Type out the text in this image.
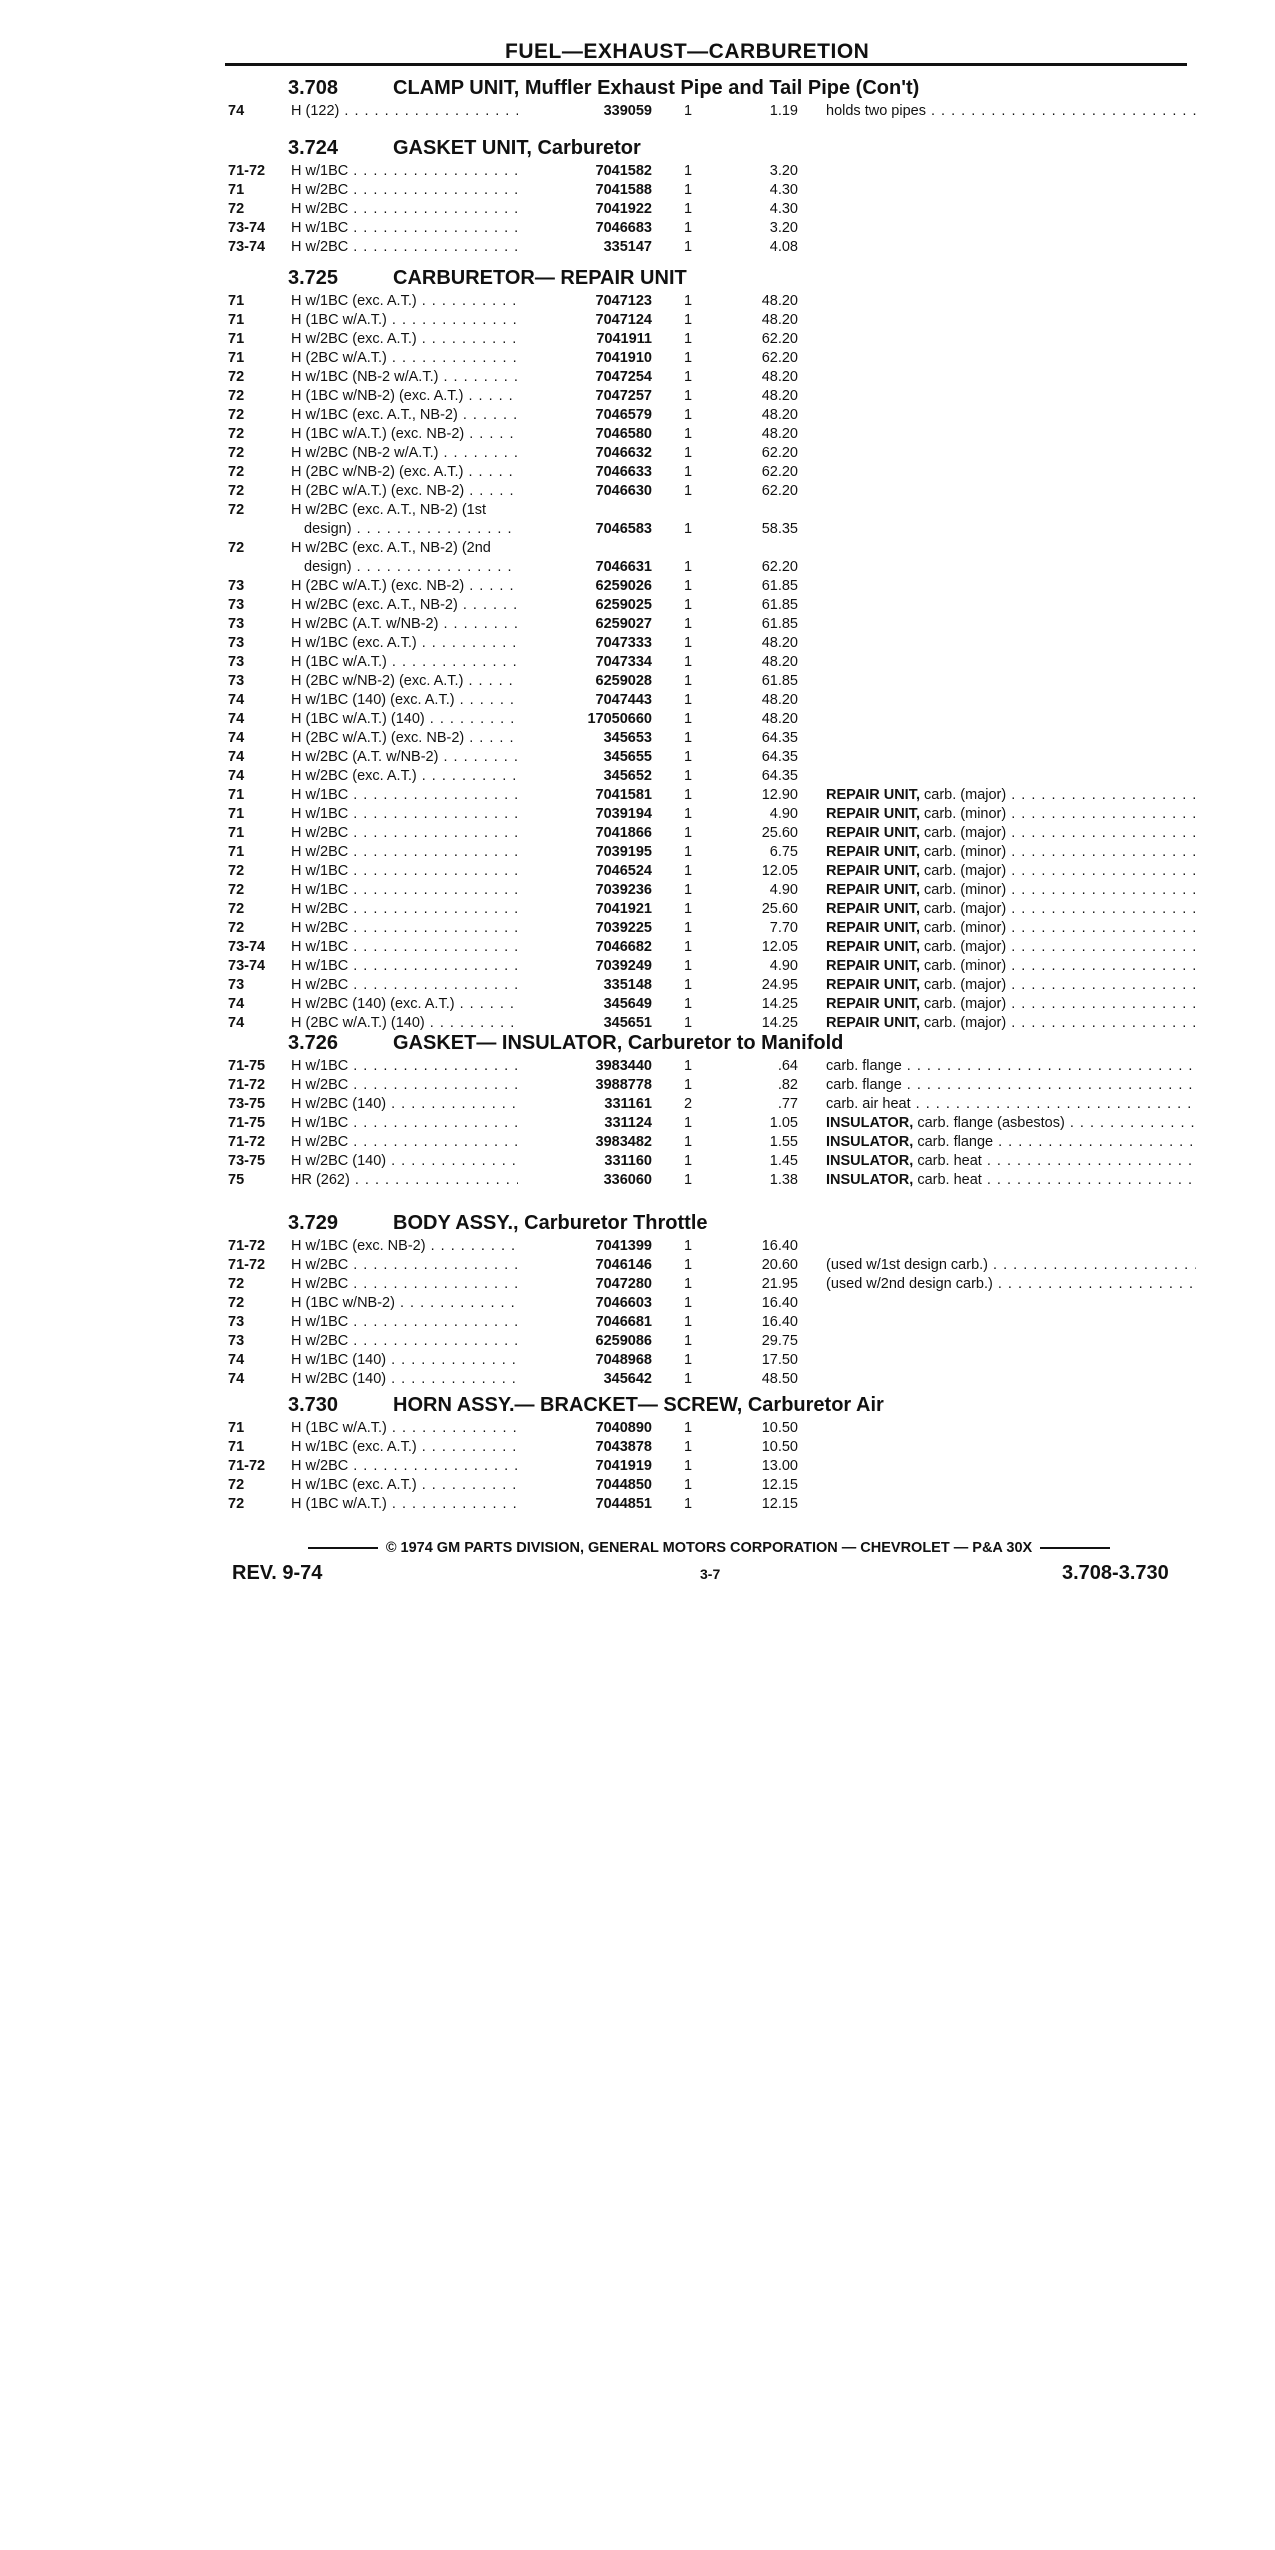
FUEL—EXHAUST—CARBURETION
3.708	CLAMP UNIT, Muffler Exhaust Pipe and Tail Pipe (Con't)
74	H (122) . . .	339059	1	1.19 holds two pipes . . .
3.724	GASKET UNIT, Carburetor
71-72 H w/1BC . . .	7041582	1	3.20
71	H w/2BC . . .	7041588	1	4.30
72	H w/2BC . . .	7041922	1	4.30
73-74 H w/1BC . . .	7046683	1	3.20
73-74 H w/2BC . . .	335147	1	4.08
3.725	CARBURETOR— REPAIR UNIT
71	H w/1BC (exc. A.T.) . . .	7047123	1	48.20
71	H (1BC w/A.T.) . . .	7047124	1	48.20
71	H w/2BC (exc. A.T.) . . .	7041911	1	62.20
71	H (2BC w/A.T.) . . .	7041910	1	62.20
72	H w/1BC (NB-2 w/A.T.) . . .	7047254	1	48.20
72	H (1BC w/NB-2) (exc. A.T.) . . .	7047257	1	48.20
72	H w/1BC (exc. A.T., NB-2) . . .	7046579	1	48.20
72	H (1BC w/A.T.) (exc. NB-2) . . .	7046580	1	48.20
72	H w/2BC (NB-2 w/A.T.) . . .	7046632	1	62.20
72	H (2BC w/NB-2) (exc. A.T.) . . .	7046633	1	62.20
72	H (2BC w/A.T.) (exc. NB-2) . . .	7046630	1	62.20
72	H w/2BC (exc. A.T., NB-2) (1st
design) . . .	7046583	1	58.35
72	H w/2BC (exc. A.T., NB-2) (2nd
design) . . .	7046631	1	62.20
73	H (2BC w/A.T.) (exc. NB-2) . . .	6259026	1	61.85
73	H w/2BC (exc. A.T., NB-2) . . .	6259025	1	61.85
73	H w/2BC (A.T. w/NB-2) . . .	6259027	1	61.85
73	H w/1BC (exc. A.T.) . . .	7047333	1	48.20
73	H (1BC w/A.T.) . . .	7047334	1	48.20
73	H (2BC w/NB-2) (exc. A.T.) . . .	6259028	1	61.85
74	H w/1BC (140) (exc. A.T.) . . .	7047443	1	48.20
74	H (1BC w/A.T.) (140) . . .	17050660	1	48.20
74	H (2BC w/A.T.) (exc. NB-2) . . .	345653	1	64.35
74	H w/2BC (A.T. w/NB-2) . . .	345655	1	64.35
74	H w/2BC (exc. A.T.) . . .	345652	1	64.35
71	H w/1BC . . .	7041581	1	12.90 REPAIR UNIT, carb. (major) . . .
71	H w/1BC . . .	7039194	1	4.90 REPAIR UNIT, carb. (minor) . . .
71	H w/2BC . . .	7041866	1	25.60 REPAIR UNIT, carb. (major) . . .
71	H w/2BC . . .	7039195	1	6.75 REPAIR UNIT, carb. (minor) . . .
72	H w/1BC . . .	7046524	1	12.05 REPAIR UNIT, carb. (major) . . .
72	H w/1BC . . .	7039236	1	4.90 REPAIR UNIT, carb. (minor) . . .
72	H w/2BC . . .	7041921	1	25.60 REPAIR UNIT, carb. (major) . . .
72	H w/2BC . . .	7039225	1	7.70 REPAIR UNIT, carb. (minor) . . .
73-74 H w/1BC . . .	7046682	1	12.05 REPAIR UNIT, carb. (major) . . .
73-74 H w/1BC . . .	7039249	1	4.90 REPAIR UNIT, carb. (minor) . . .
73	H w/2BC . . .	335148	1	24.95 REPAIR UNIT, carb. (major) . . .
74	H w/2BC (140) (exc. A.T.) . . .	345649	1	14.25 REPAIR UNIT, carb. (major) . . .
74	H (2BC w/A.T.) (140) . . .	345651	1	14.25 REPAIR UNIT, carb. (major) . . .
3.726	GASKET— INSULATOR, Carburetor to Manifold
71-75 H w/1BC . . .	3983440	1	.64 carb. flange . . .
71-72 H w/2BC . . .	3988778	1	.82 carb. flange . . .
73-75 H w/2BC (140) . . .	331161	2	.77 carb. air heat . . .
71-75 H w/1BC . . .	331124	1	1.05 INSULATOR, carb. flange (asbestos) . . .
71-72 H w/2BC . . .	3983482	1	1.55 INSULATOR, carb. flange . . .
73-75 H w/2BC (140) . . .	331160	1	1.45 INSULATOR, carb. heat . . .
75	HR (262) . . .	336060	1	1.38 INSULATOR, carb. heat . . .
3.729	BODY ASSY., Carburetor Throttle
71-72 H w/1BC (exc. NB-2) . . .	7041399	1	16.40
71-72 H w/2BC . . .	7046146	1	20.60 (used w/1st design carb.) . . .
72	H w/2BC . . .	7047280	1	21.95 (used w/2nd design carb.) . . .
72	H (1BC w/NB-2) . . .	7046603	1	16.40
73	H w/1BC . . .	7046681	1	16.40
73	H w/2BC . . .	6259086	1	29.75
74	H w/1BC (140) . . .	7048968	1	17.50
74	H w/2BC (140) . . .	345642	1	48.50
3.730	HORN ASSY.— BRACKET— SCREW, Carburetor Air
71	H (1BC w/A.T.) . . .	7040890	1	10.50
71	H w/1BC (exc. A.T.) . . .	7043878	1	10.50
71-72 H w/2BC . . .	7041919	1	13.00
72	H w/1BC (exc. A.T.) . . .	7044850	1	12.15
72	H (1BC w/A.T.) . . .	7044851	1	12.15
© 1974 GM PARTS DIVISION, GENERAL MOTORS CORPORATION — CHEVROLET — P&A 30X
REV. 9-74	3-7	3.708-3.730
